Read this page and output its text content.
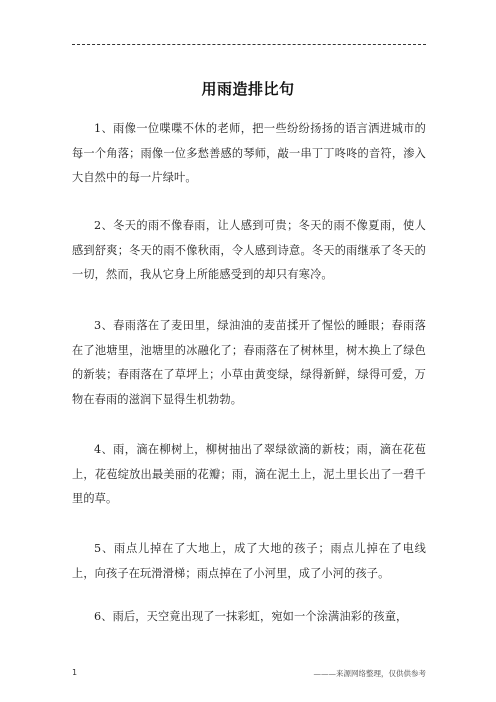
用雨造排比句

1、雨像一位喋喋不休的老师，把一些纷纷扬扬的语言洒进城市的每一个角落；雨像一位多愁善感的琴师，敲一串丁丁咚咚的音符，渗入大自然中的每一片绿叶。

2、冬天的雨不像春雨，让人感到可贵；冬天的雨不像夏雨，使人感到舒爽；冬天的雨不像秋雨，令人感到诗意。冬天的雨继承了冬天的一切，然而，我从它身上所能感受到的却只有寒冷。

3、春雨落在了麦田里，绿油油的麦苗揉开了惺忪的睡眼；春雨落在了池塘里，池塘里的冰融化了；春雨落在了树林里，树木换上了绿色的新装；春雨落在了草坪上；小草由黄变绿，绿得新鲜，绿得可爱，万物在春雨的滋润下显得生机勃勃。

4、雨，滴在柳树上，柳树抽出了翠绿欲滴的新枝；雨，滴在花苞上，花苞绽放出最美丽的花瓣；雨，滴在泥土上，泥土里长出了一碧千里的草。

5、雨点儿掉在了大地上，成了大地的孩子；雨点儿掉在了电线上，向孩子在玩滑滑梯；雨点掉在了小河里，成了小河的孩子。

6、雨后，天空竟出现了一抹彩虹，宛如一个涂满油彩的孩童，

1	———来源网络整理，仅供供参考
